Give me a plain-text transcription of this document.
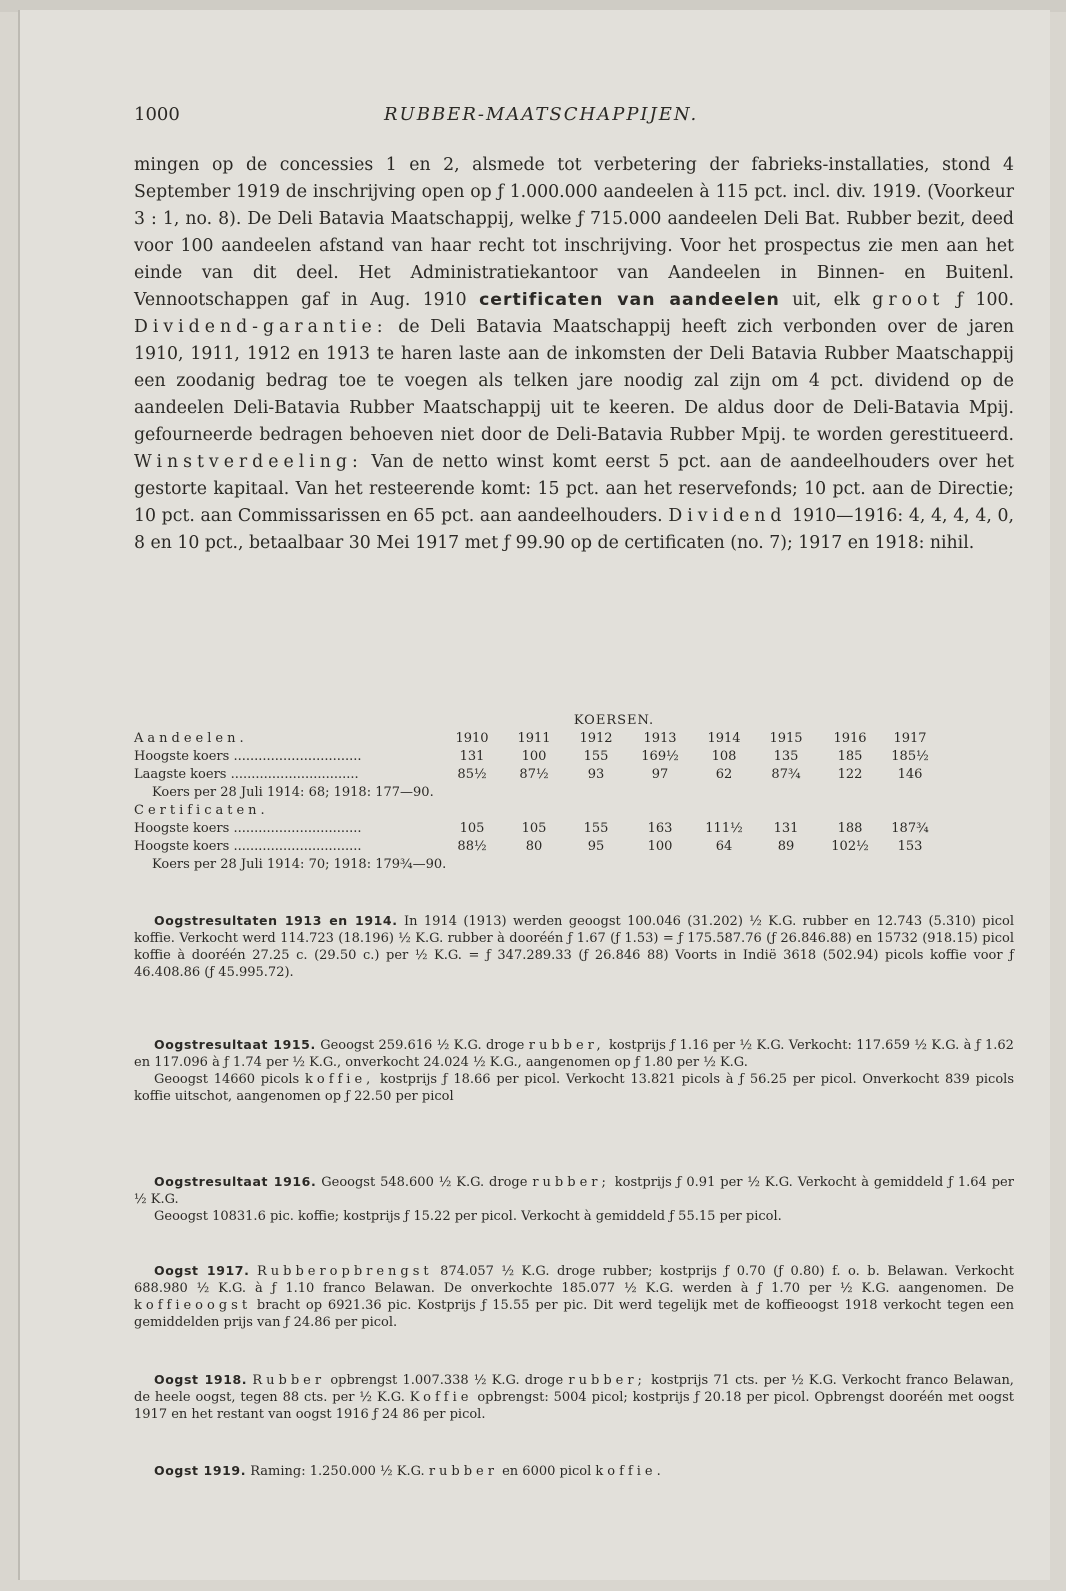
1000	RUBBER-MAATSCHAPPIJEN.

mingen op de concessies 1 en 2, alsmede tot verbetering der fabrieks-installaties, stond 4 September 1919 de inschrijving open op ƒ 1.000.000 aandeelen à 115 pct. incl. div. 1919. (Voorkeur 3 : 1, no. 8). De Deli Batavia Maatschappij, welke ƒ 715.000 aandeelen Deli Bat. Rubber bezit, deed voor 100 aandeelen afstand van haar recht tot inschrijving. Voor het prospectus zie men aan het einde van dit deel. Het Administratiekantoor van Aandeelen in Binnen- en Buitenl. Vennootschappen gaf in Aug. 1910 certificaten van aandeelen uit, elk groot ƒ 100. Dividend-garantie: de Deli Batavia Maatschappij heeft zich verbonden over de jaren 1910, 1911, 1912 en 1913 te haren laste aan de inkomsten der Deli Batavia Rubber Maatschappij een zoodanig bedrag toe te voegen als telken jare noodig zal zijn om 4 pct. dividend op de aandeelen Deli-Batavia Rubber Maatschappij uit te keeren. De aldus door de Deli-Batavia Mpij. gefourneerde bedragen behoeven niet door de Deli-Batavia Rubber Mpij. te worden gerestitueerd. Winstverdeeling: Van de netto winst komt eerst 5 pct. aan de aandeelhouders over het gestorte kapitaal. Van het resteerende komt: 15 pct. aan het reservefonds; 10 pct. aan de Directie; 10 pct. aan Commissarissen en 65 pct. aan aandeelhouders. Dividend 1910—1916: 4, 4, 4, 4, 0, 8 en 10 pct., betaalbaar 30 Mei 1917 met ƒ 99.90 op de certificaten (no. 7); 1917 en 1918: nihil.

KOERSEN.
Aandeelen.	1910	1911	1912	1913	1914	1915	1916	1917
Hoogste koers ...............................	131	100	155	169½	108	135	185	185½
Laagste koers ...............................	85½	87½	93	97	62	87¾	122	146
Koers per 28 Juli 1914: 68; 1918: 177—90.
Certificaten.
Hoogste koers ...............................	105	105	155	163	111½	131	188	187¾
Hoogste koers ...............................	88½	80	95	100	64	89	102½	153
Koers per 28 Juli 1914: 70; 1918: 179¾—90.

Oogstresultaten 1913 en 1914. In 1914 (1913) werden geoogst 100.046 (31.202) ½ K.G. rubber en 12.743 (5.310) picol koffie. Verkocht werd 114.723 (18.196) ½ K.G. rubber à dooréén ƒ 1.67 (ƒ 1.53) = ƒ 175.587.76 (ƒ 26.846.88) en 15732 (918.15) picol koffie à dooréén 27.25 c. (29.50 c.) per ½ K.G. = ƒ 347.289.33 (ƒ 26.846 88) Voorts in Indië 3618 (502.94) picols koffie voor ƒ 46.408.86 (ƒ 45.995.72).

Oogstresultaat 1915. Geoogst 259.616 ½ K.G. droge rubber, kostprijs ƒ 1.16 per ½ K.G. Verkocht: 117.659 ½ K.G. à ƒ 1.62 en 117.096 à ƒ 1.74 per ½ K.G., onverkocht 24.024 ½ K.G., aangenomen op ƒ 1.80 per ½ K.G.

Geoogst 14660 picols koffie, kostprijs ƒ 18.66 per picol. Verkocht 13.821 picols à ƒ 56.25 per picol. Onverkocht 839 picols koffie uitschot, aangenomen op ƒ 22.50 per picol

Oogstresultaat 1916. Geoogst 548.600 ½ K.G. droge rubber; kostprijs ƒ 0.91 per ½ K.G. Verkocht à gemiddeld ƒ 1.64 per ½ K.G.

Geoogst 10831.6 pic. koffie; kostprijs ƒ 15.22 per picol. Verkocht à gemiddeld ƒ 55.15 per picol.

Oogst 1917. Rubberopbrengst 874.057 ½ K.G. droge rubber; kostprijs ƒ 0.70 (ƒ 0.80) f. o. b. Belawan. Verkocht 688.980 ½ K.G. à ƒ 1.10 franco Belawan. De onverkochte 185.077 ½ K.G. werden à ƒ 1.70 per ½ K.G. aangenomen. De koffieoogst bracht op 6921.36 pic. Kostprijs ƒ 15.55 per pic. Dit werd tegelijk met de koffieoogst 1918 verkocht tegen een gemiddelden prijs van ƒ 24.86 per picol.

Oogst 1918. Rubber opbrengst 1.007.338 ½ K.G. droge rubber; kostprijs 71 cts. per ½ K.G. Verkocht franco Belawan, de heele oogst, tegen 88 cts. per ½ K.G. Koffie opbrengst: 5004 picol; kostprijs ƒ 20.18 per picol. Opbrengst dooréén met oogst 1917 en het restant van oogst 1916 ƒ 24 86 per picol.

Oogst 1919. Raming: 1.250.000 ½ K.G. rubber en 6000 picol koffie.
